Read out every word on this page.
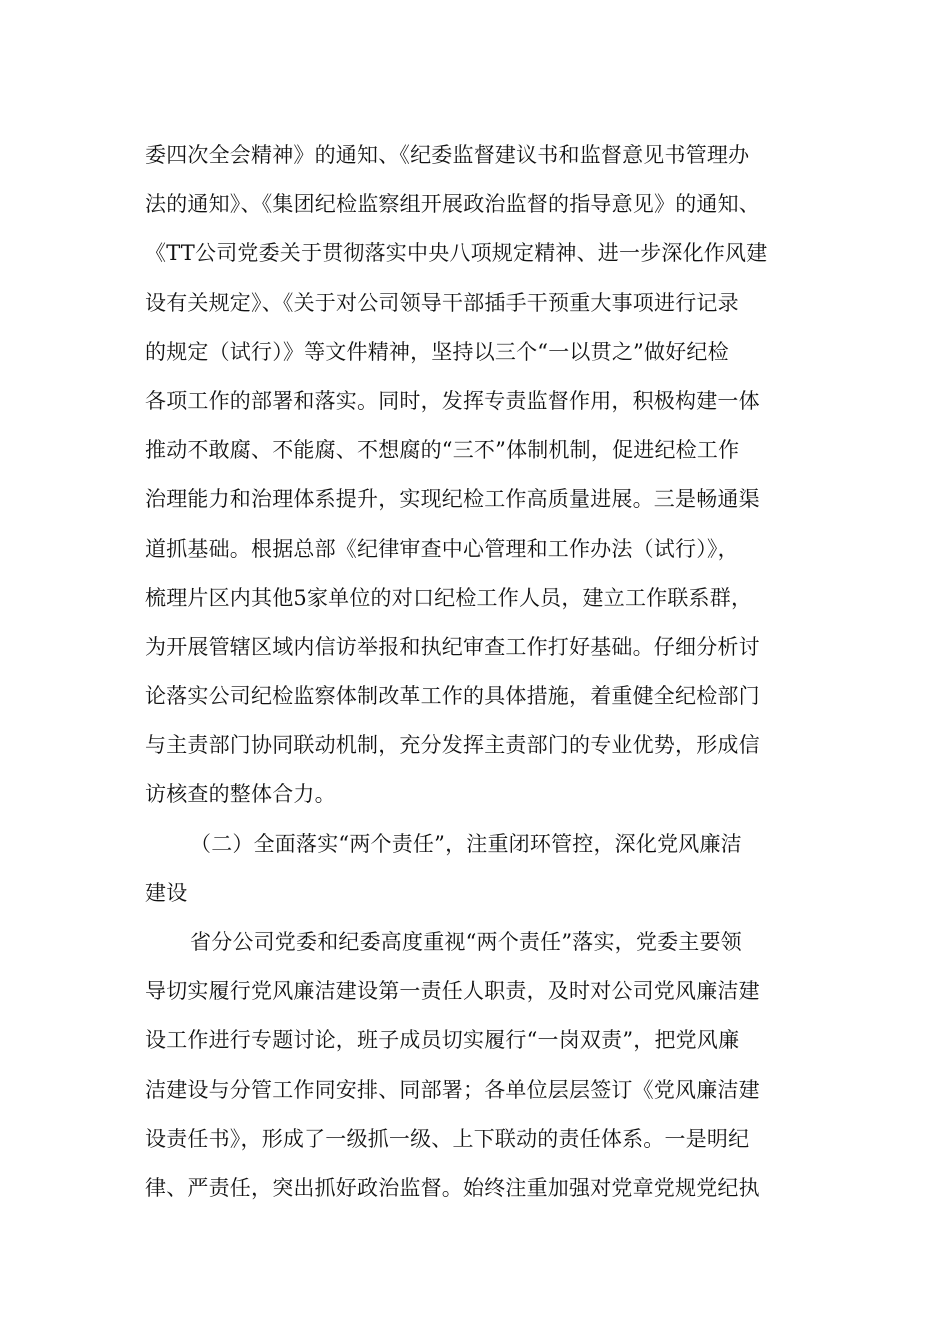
委四次全会精神》的通知、《纪委监督建议书和监督意见书管理办
法的通知》、《集团纪检监察组开展政治监督的指导意见》的通知、
《TT公司党委关于贯彻落实中央八项规定精神、进一步深化作风建
设有关规定》、《关于对公司领导干部插手干预重大事项进行记录
的规定（试行）》等文件精神，坚持以三个“一以贯之”做好纪检
各项工作的部署和落实。同时，发挥专责监督作用，积极构建一体
推动不敢腐、不能腐、不想腐的“三不”体制机制，促进纪检工作
治理能力和治理体系提升，实现纪检工作高质量进展。三是畅通渠
道抓基础。根据总部《纪律审查中心管理和工作办法（试行）》，
梳理片区内其他5家单位的对口纪检工作人员，建立工作联系群，
为开展管辖区域内信访举报和执纪审查工作打好基础。仔细分析讨
论落实公司纪检监察体制改革工作的具体措施，着重健全纪检部门
与主责部门协同联动机制，充分发挥主责部门的专业优势，形成信
访核查的整体合力。
（二）全面落实“两个责任”，注重闭环管控，深化党风廉洁
建设
省分公司党委和纪委高度重视“两个责任”落实，党委主要领
导切实履行党风廉洁建设第一责任人职责，及时对公司党风廉洁建
设工作进行专题讨论，班子成员切实履行“一岗双责”，把党风廉
洁建设与分管工作同安排、同部署；各单位层层签订《党风廉洁建
设责任书》，形成了一级抓一级、上下联动的责任体系。一是明纪
律、严责任，突出抓好政治监督。始终注重加强对党章党规党纪执
